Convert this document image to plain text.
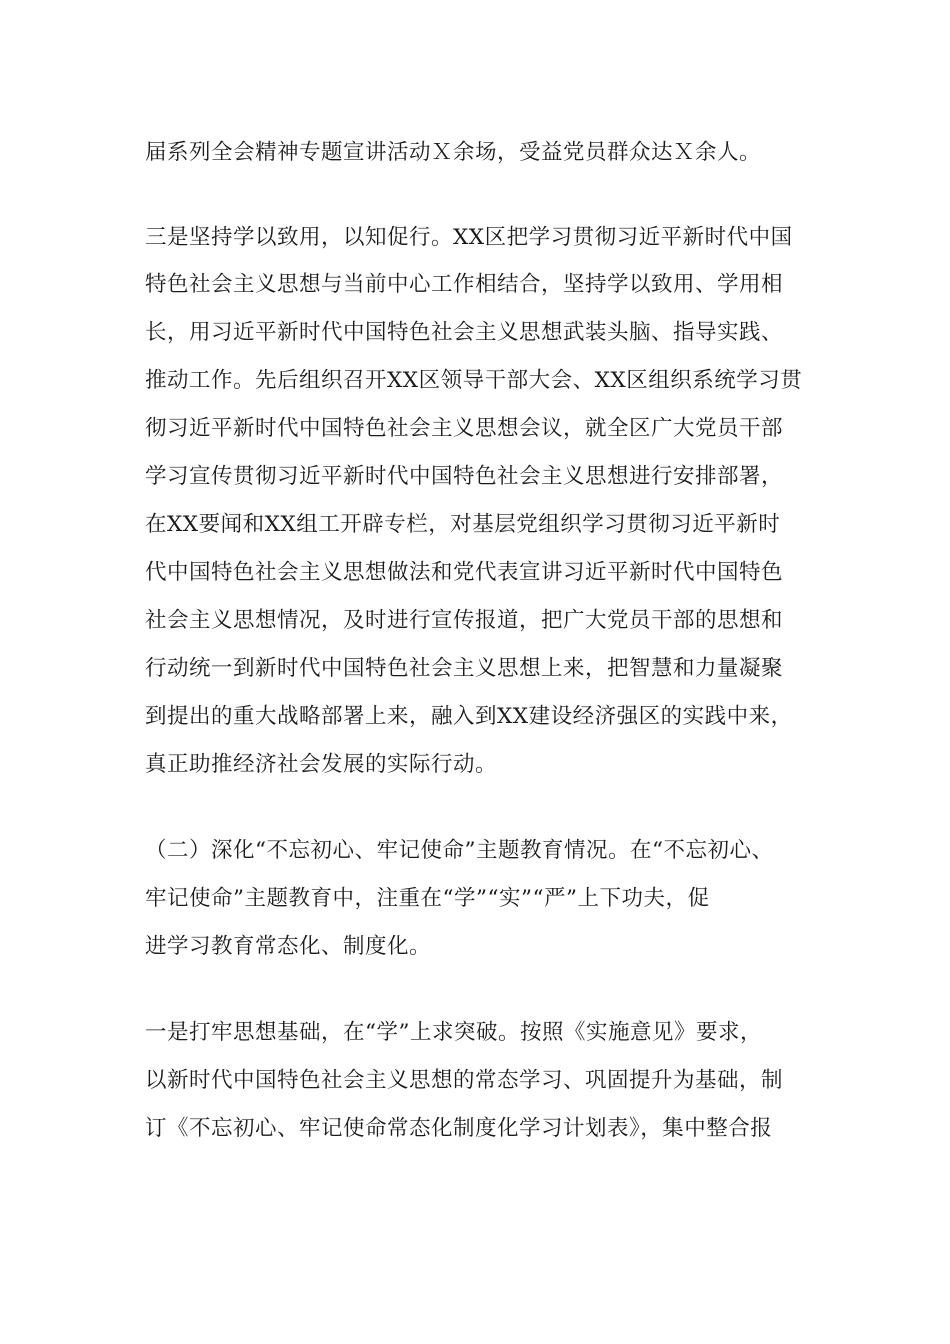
届系列全会精神专题宣讲活动Ｘ余场，受益党员群众达Ｘ余人。
三是坚持学以致用，以知促行。XX区把学习贯彻习近平新时代中国
特色社会主义思想与当前中心工作相结合，坚持学以致用、学用相
长，用习近平新时代中国特色社会主义思想武装头脑、指导实践、
推动工作。先后组织召开XX区领导干部大会、XX区组织系统学习贯
彻习近平新时代中国特色社会主义思想会议，就全区广大党员干部
学习宣传贯彻习近平新时代中国特色社会主义思想进行安排部署，
在XX要闻和XX组工开辟专栏，对基层党组织学习贯彻习近平新时
代中国特色社会主义思想做法和党代表宣讲习近平新时代中国特色
社会主义思想情况，及时进行宣传报道，把广大党员干部的思想和
行动统一到新时代中国特色社会主义思想上来，把智慧和力量凝聚
到提出的重大战略部署上来，融入到XX建设经济强区的实践中来，
真正助推经济社会发展的实际行动。
（二）深化“不忘初心、牢记使命”主题教育情况。在“不忘初心、
牢记使命”主题教育中，注重在“学”“实”“严”上下功夫，促
进学习教育常态化、制度化。
一是打牢思想基础，在“学”上求突破。按照《实施意见》要求，
以新时代中国特色社会主义思想的常态学习、巩固提升为基础，制
订《不忘初心、牢记使命常态化制度化学习计划表》，集中整合报
